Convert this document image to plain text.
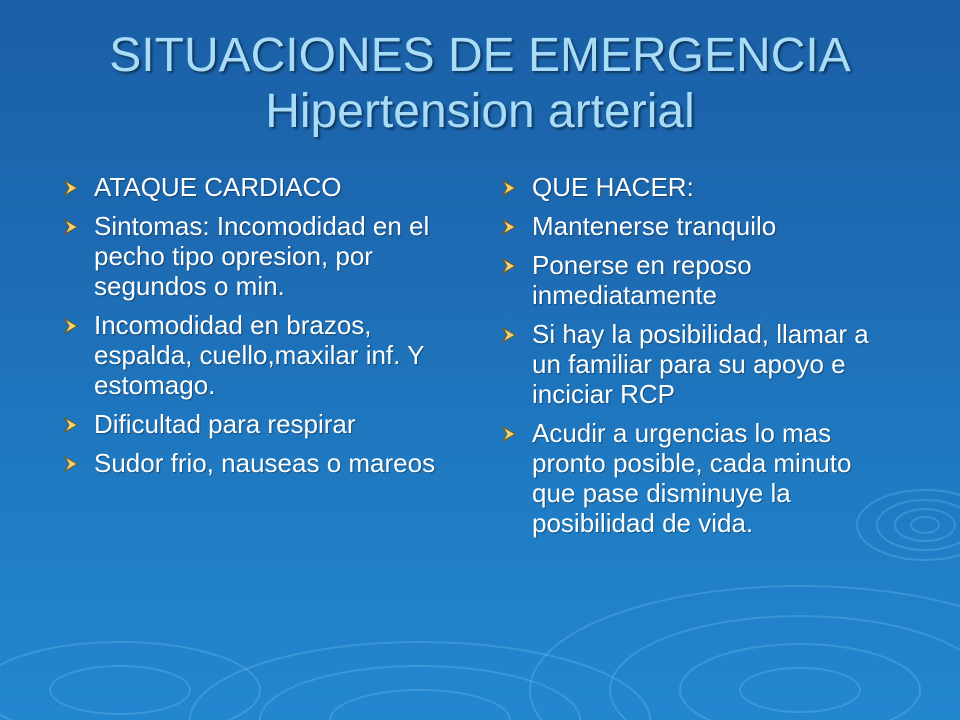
SITUACIONES DE EMERGENCIA
Hipertension arterial
ATAQUE CARDIACO
Sintomas: Incomodidad en el pecho tipo opresion, por segundos o min.
Incomodidad en brazos, espalda, cuello,maxilar inf. Y estomago.
Dificultad para respirar
Sudor frio, nauseas o mareos
QUE HACER:
Mantenerse tranquilo
Ponerse en reposo inmediatamente
Si hay la posibilidad, llamar a un familiar para su apoyo e inciciar RCP
Acudir a urgencias lo mas pronto posible, cada minuto que pase disminuye la posibilidad de vida.
